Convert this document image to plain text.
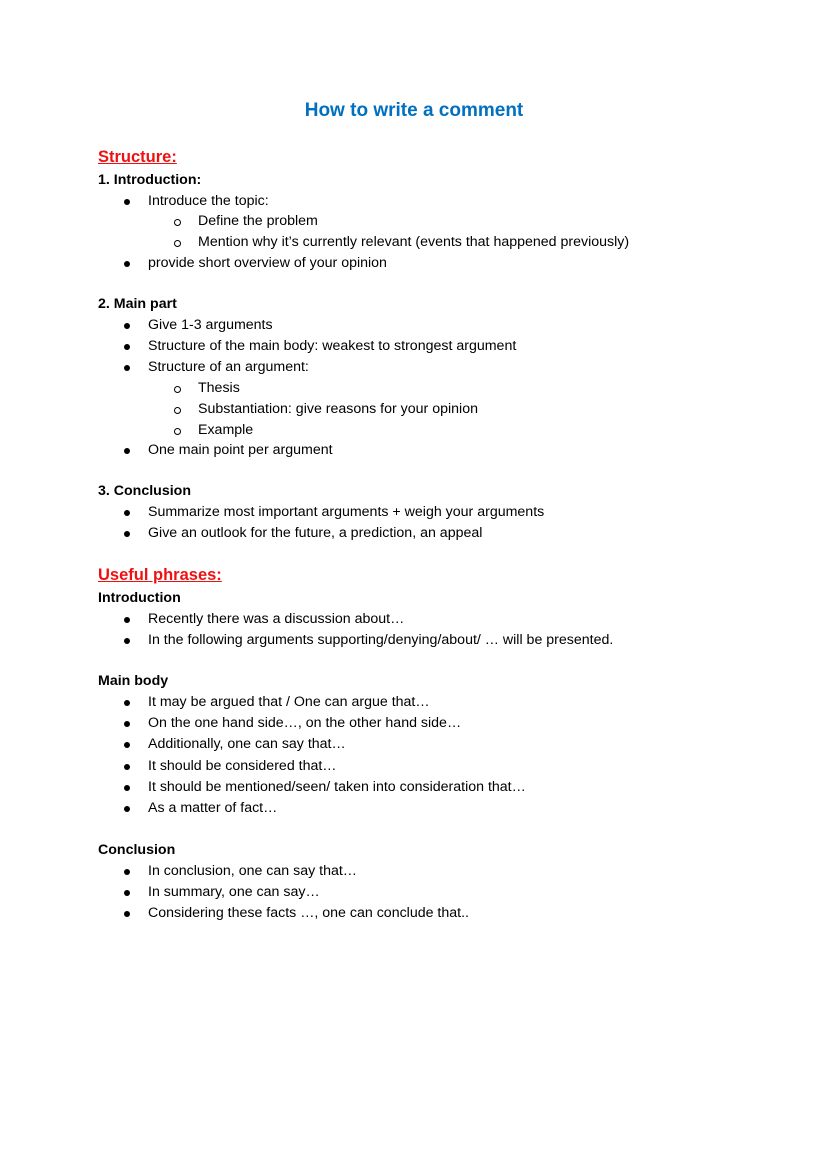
How to write a comment
Structure:
1. Introduction:
Introduce the topic:
Define the problem
Mention why it’s currently relevant (events that happened previously)
provide short overview of your opinion
2. Main part
Give 1-3 arguments
Structure of the main body: weakest to strongest argument
Structure of an argument:
Thesis
Substantiation: give reasons for your opinion
Example
One main point per argument
3. Conclusion
Summarize most important arguments + weigh your arguments
Give an outlook for the future, a prediction, an appeal
Useful phrases:
Introduction
Recently there was a discussion about…
In the following arguments supporting/denying/about/ … will be presented.
Main body
It may be argued that / One can argue that…
On the one hand side…, on the other hand side…
Additionally, one can say that…
It should be considered that…
It should be mentioned/seen/ taken into consideration that…
As a matter of fact…
Conclusion
In conclusion, one can say that…
In summary, one can say…
Considering these facts …, one can conclude that..
